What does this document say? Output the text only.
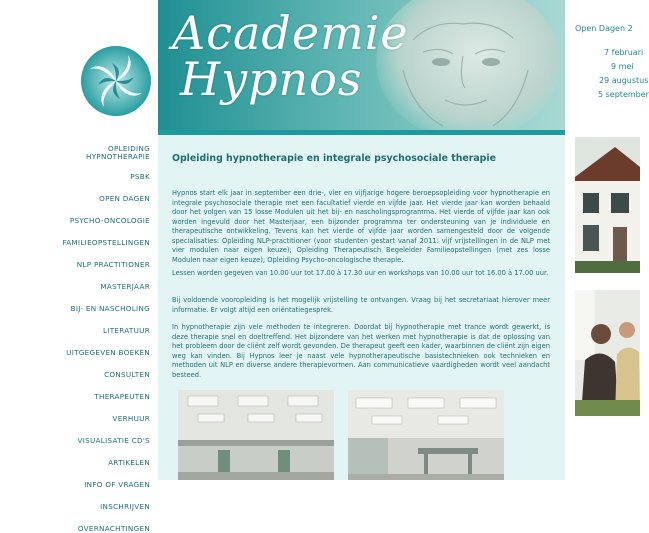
OPLEIDING
HYPNOTHERAPIE
PSBK
OPEN DAGEN
PSYCHO-ONCOLOGIE
FAMILIEOPSTELLINGEN
NLP PRACTITIONER
MASTERJAAR
BIJ- EN NASCHOLING
LITERATUUR
UITGEGEVEN BOEKEN
CONSULTEN
THERAPEUTEN
VERHUUR
VISUALISATIE CD'S
ARTIKELEN
INFO OF VRAGEN
INSCHRIJVEN
OVERNACHTINGEN
Academie
Hypnos
Opleiding hypnotherapie en integrale psychosociale therapie

Hypnos start elk jaar in september een drie-, vier en vijfjarige hogere beroepsopleiding voor hypnotherapie en integrale psychosociale therapie met een facultatief vierde en vijfde jaar. Het vierde jaar kan worden behaald door het volgen van 15 losse Modulen uit het bij- en nascholingsprogramma. Het vierde of vijfde jaar kan ook worden ingevuld door het Masterjaar, een bijzonder programma ter ondersteuning van je individuele en therapeutische ontwikkeling. Tevens kan het vierde of vijfde jaar worden samengesteld door de volgende specialisaties: Opleiding NLP-practitioner (voor studenten gestart vanaf 2011: vijf vrijstellingen in de NLP met vier modulen naar eigen keuze); Opleiding Therapeutisch Begeleider Familieopstellingen (met zes losse Modulen naar eigen keuze); Opleiding Psycho-oncologische therapie.

Lessen worden gegeven van 10.00 uur tot 17.00 à 17.30 uur en workshops van 10.00 uur tot 16.00 à 17.00 uur.

Bij voldoende vooropleiding is het mogelijk vrijstelling te ontvangen. Vraag bij het secretariaat hierover meer informatie. Er volgt altijd een oriëntatiegesprek.

In hypnotherapie zijn vele methoden te integreren. Doordat bij hypnotherapie met trance wordt gewerkt, is deze therapie snel en doeltreffend. Het bijzondere van het werken met hypnotherapie is dat de oplossing van het probleem door de cliënt zelf wordt gevonden. De therapeut geeft een kader, waarbinnen de cliënt zijn eigen weg kan vinden. Bij Hypnos leer je naast vele hypnotherapeutische basistechnieken ook technieken en methoden uit NLP en diverse andere therapievormen. Aan communicatieve vaardigheden wordt veel aandacht besteed.

Open Dagen 2
7 februari
9 mei
29 augustus
5 september
